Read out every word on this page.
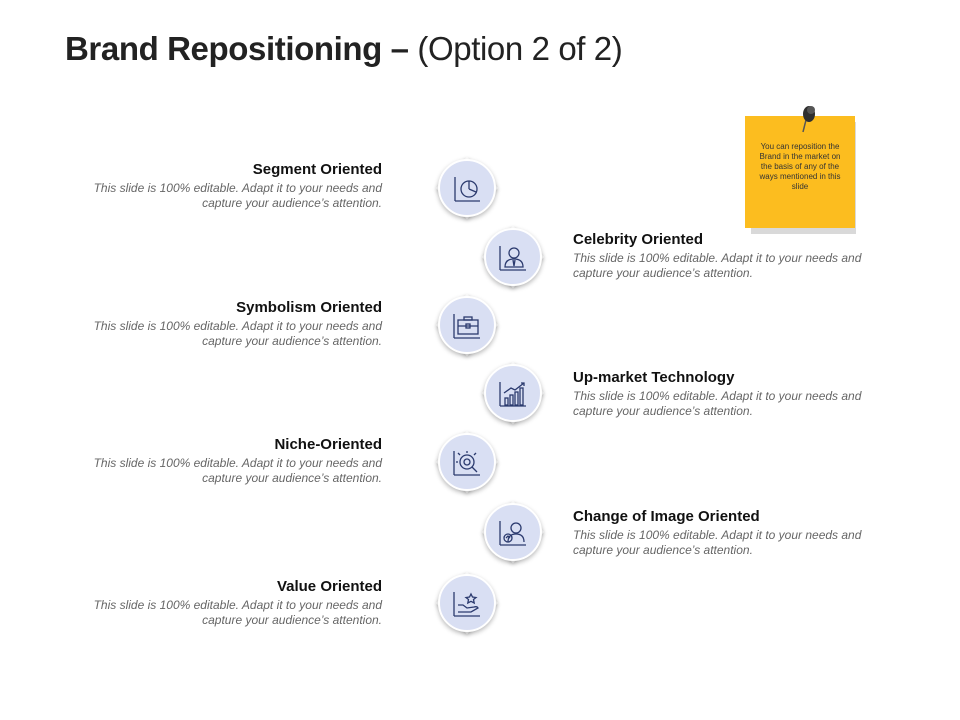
Brand Repositioning – (Option 2 of 2)
You can reposition the Brand in the market on the basis of any of the ways mentioned in this slide
Segment Oriented
This slide is 100% editable. Adapt it to your needs and capture your audience’s attention.
Celebrity Oriented
This slide is 100% editable. Adapt it to your needs and capture your audience’s attention.
Symbolism Oriented
This slide is 100% editable. Adapt it to your needs and capture your audience’s attention.
Up-market Technology
This slide is 100% editable. Adapt it to your needs and capture your audience’s attention.
Niche-Oriented
This slide is 100% editable. Adapt it to your needs and capture your audience’s attention.
Change of Image Oriented
This slide is 100% editable. Adapt it to your needs and capture your audience’s attention.
Value Oriented
This slide is 100% editable. Adapt it to your needs and capture your audience’s attention.
